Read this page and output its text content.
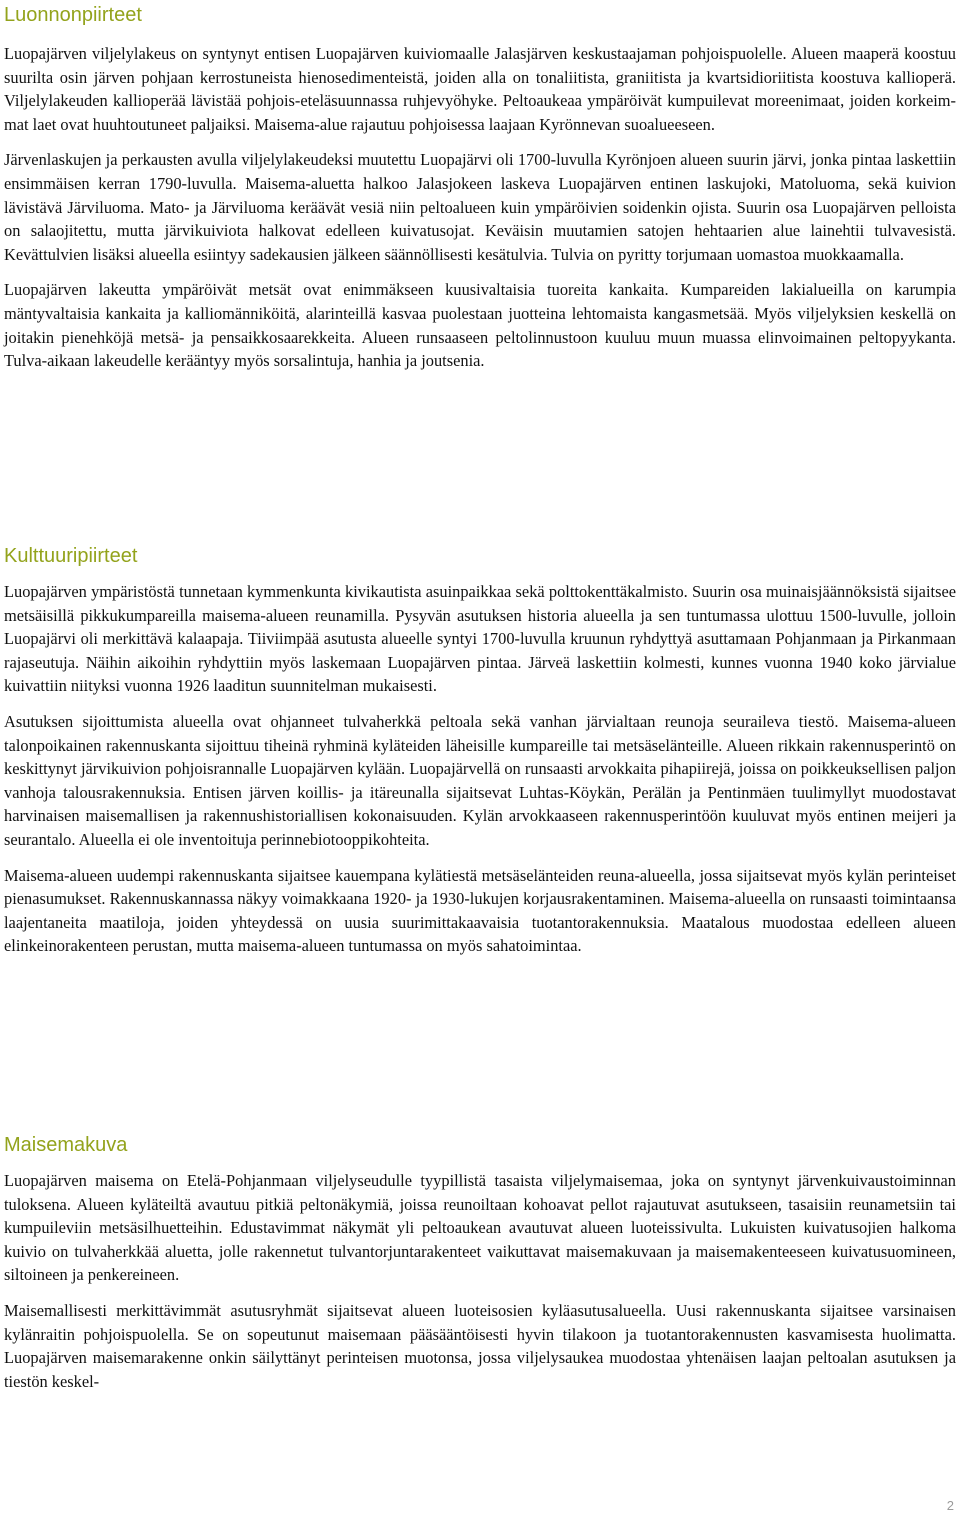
Luonnonpiirteet

Luopajärven viljelylakeus on syntynyt entisen Luopajärven kuiviomaalle Jalasjärven keskustaajaman pohjoispuolelle. Alueen maaperä koostuu suurilta osin järven pohjaan kerrostuneista hienosedimenteistä, joiden alla on tonaliitista, graniitista ja kvartsidioriitista koostuva kallioperä. Viljelylakeuden kallioperää lävistää pohjois-eteläsuunnassa ruhjevyöhyke. Peltoaukeaa ympäröivät kumpuilevat moreenimaat, joiden korkeimmat laet ovat huuhtoutuneet paljaiksi. Maisema-alue rajautuu pohjoisessa laajaan Kyrönnevan suoalueeseen.

Järvenlaskujen ja perkausten avulla viljelylakeudeksi muutettu Luopajärvi oli 1700-luvulla Kyrönjoen alueen suurin järvi, jonka pintaa laskettiin ensimmäisen kerran 1790-luvulla. Maisema-aluetta halkoo Jalasjokeen laskeva Luopajärven entinen laskujoki, Matoluoma, sekä kuivion lävistävä Järviluoma. Mato- ja Järviluoma keräävät vesiä niin peltoalueen kuin ympäröivien soidenkin ojista. Suurin osa Luopajärven pelloista on salaojitettu, mutta järvikuiviota halkovat edelleen kuivatusojat. Keväisin muutamien satojen hehtaarien alue lainehtii tulvavesistä. Kevättulvien lisäksi alueella esiintyy sadekausien jälkeen säännöllisesti kesätulvia. Tulvia on pyritty torjumaan uomastoa muokkaamalla.

Luopajärven lakeutta ympäröivät metsät ovat enimmäkseen kuusivaltaisia tuoreita kankaita. Kumpareiden lakialueilla on karumpia mäntyvaltaisia kankaita ja kalliomänniköitä, alarinteillä kasvaa puolestaan juotteina lehtomaista kangasmetsää. Myös viljelyksien keskellä on joitakin pienehköjä metsä- ja pensaikkosaarekkeita. Alueen runsaaseen peltolinnustoon kuuluu muun muassa elinvoimainen peltopyykanta. Tulva-aikaan lakeudelle kerääntyy myös sorsalintuja, hanhia ja joutsenia.

Kulttuuripiirteet

Luopajärven ympäristöstä tunnetaan kymmenkunta kivikautista asuinpaikkaa sekä polttokenttäkalmisto. Suurin osa muinaisjäännöksistä sijaitsee metsäisillä pikkukumpareilla maisema-alueen reunamilla. Pysyvän asutuksen historia alueella ja sen tuntumassa ulottuu 1500-luvulle, jolloin Luopajärvi oli merkittävä kalaapaja. Tiiviimpää asutusta alueelle syntyi 1700-luvulla kruunun ryhdyttyä asuttamaan Pohjanmaan ja Pirkanmaan rajaseutuja. Näihin aikoihin ryhdyttiin myös laskemaan Luopajärven pintaa. Järveä laskettiin kolmesti, kunnes vuonna 1940 koko järvialue kuivattiin niityksi vuonna 1926 laaditun suunnitelman mukaisesti.

Asutuksen sijoittumista alueella ovat ohjanneet tulvaherkkä peltoala sekä vanhan järvialtaan reunoja seuraileva tiestö. Maisema-alueen talonpoikainen rakennuskanta sijoittuu tiheinä ryhminä kyläteiden läheisille kumpareille tai metsäselänteille. Alueen rikkain rakennusperintö on keskittynyt järvikuivion pohjoisrannalle Luopajärven kylään. Luopajärvellä on runsaasti arvokkaita pihapiirejä, joissa on poikkeuksellisen paljon vanhoja talousrakennuksia. Entisen järven koillis- ja itäreunalla sijaitsevat Luhtas-Köykän, Perälän ja Pentinmäen tuulimyllyt muodostavat harvinaisen maisemallisen ja rakennushistoriallisen kokonaisuuden. Kylän arvokkaaseen rakennusperintöön kuuluvat myös entinen meijeri ja seurantalo. Alueella ei ole inventoituja perinnebiotooppikohteita.

Maisema-alueen uudempi rakennuskanta sijaitsee kauempana kylätiestä metsäselänteiden reuna-alueella, jossa sijaitsevat myös kylän perinteiset pienasumukset. Rakennuskannassa näkyy voimakkaana 1920- ja 1930-lukujen korjausrakentaminen. Maisema-alueella on runsaasti toimintaansa laajentaneita maatiloja, joiden yhteydessä on uusia suurimittakaavaisia tuotantorakennuksia. Maatalous muodostaa edelleen alueen elinkeinorakenteen perustan, mutta maisema-alueen tuntumassa on myös sahatoimintaa.

Maisemakuva

Luopajärven maisema on Etelä-Pohjanmaan viljelyseudulle tyypillistä tasaista viljelymaisemaa, joka on syntynyt järvenkuivaustoiminnan tuloksena. Alueen kyläteiltä avautuu pitkiä peltonäkymiä, joissa reunoiltaan kohoavat pellot rajautuvat asutukseen, tasaisiin reunametsiin tai kumpuileviin metsäsilhuetteihin. Edustavimmat näkymät yli peltoaukean avautuvat alueen luoteissivulta. Lukuisten kuivatusojien halkoma kuivio on tulvaherkkää aluetta, jolle rakennetut tulvantorjuntarakenteet vaikuttavat maisemakuvaan ja maisemakenteeseen kuivatusuomineen, siltoineen ja penkereineen.

Maisemallisesti merkittävimmät asutusryhmät sijaitsevat alueen luoteisosien kyläasutusalueella. Uusi rakennuskanta sijaitsee varsinaisen kylänraitin pohjoispuolella. Se on sopeutunut maisemaan pääsääntöisesti hyvin tilakoon ja tuotantorakennusten kasvamisesta huolimatta. Luopajärven maisemarakenne onkin säilyttänyt perinteisen muotonsa, jossa viljelysaukea muodostaa yhtenäisen laajan peltoalan asutuksen ja tiestön keskel-

2
